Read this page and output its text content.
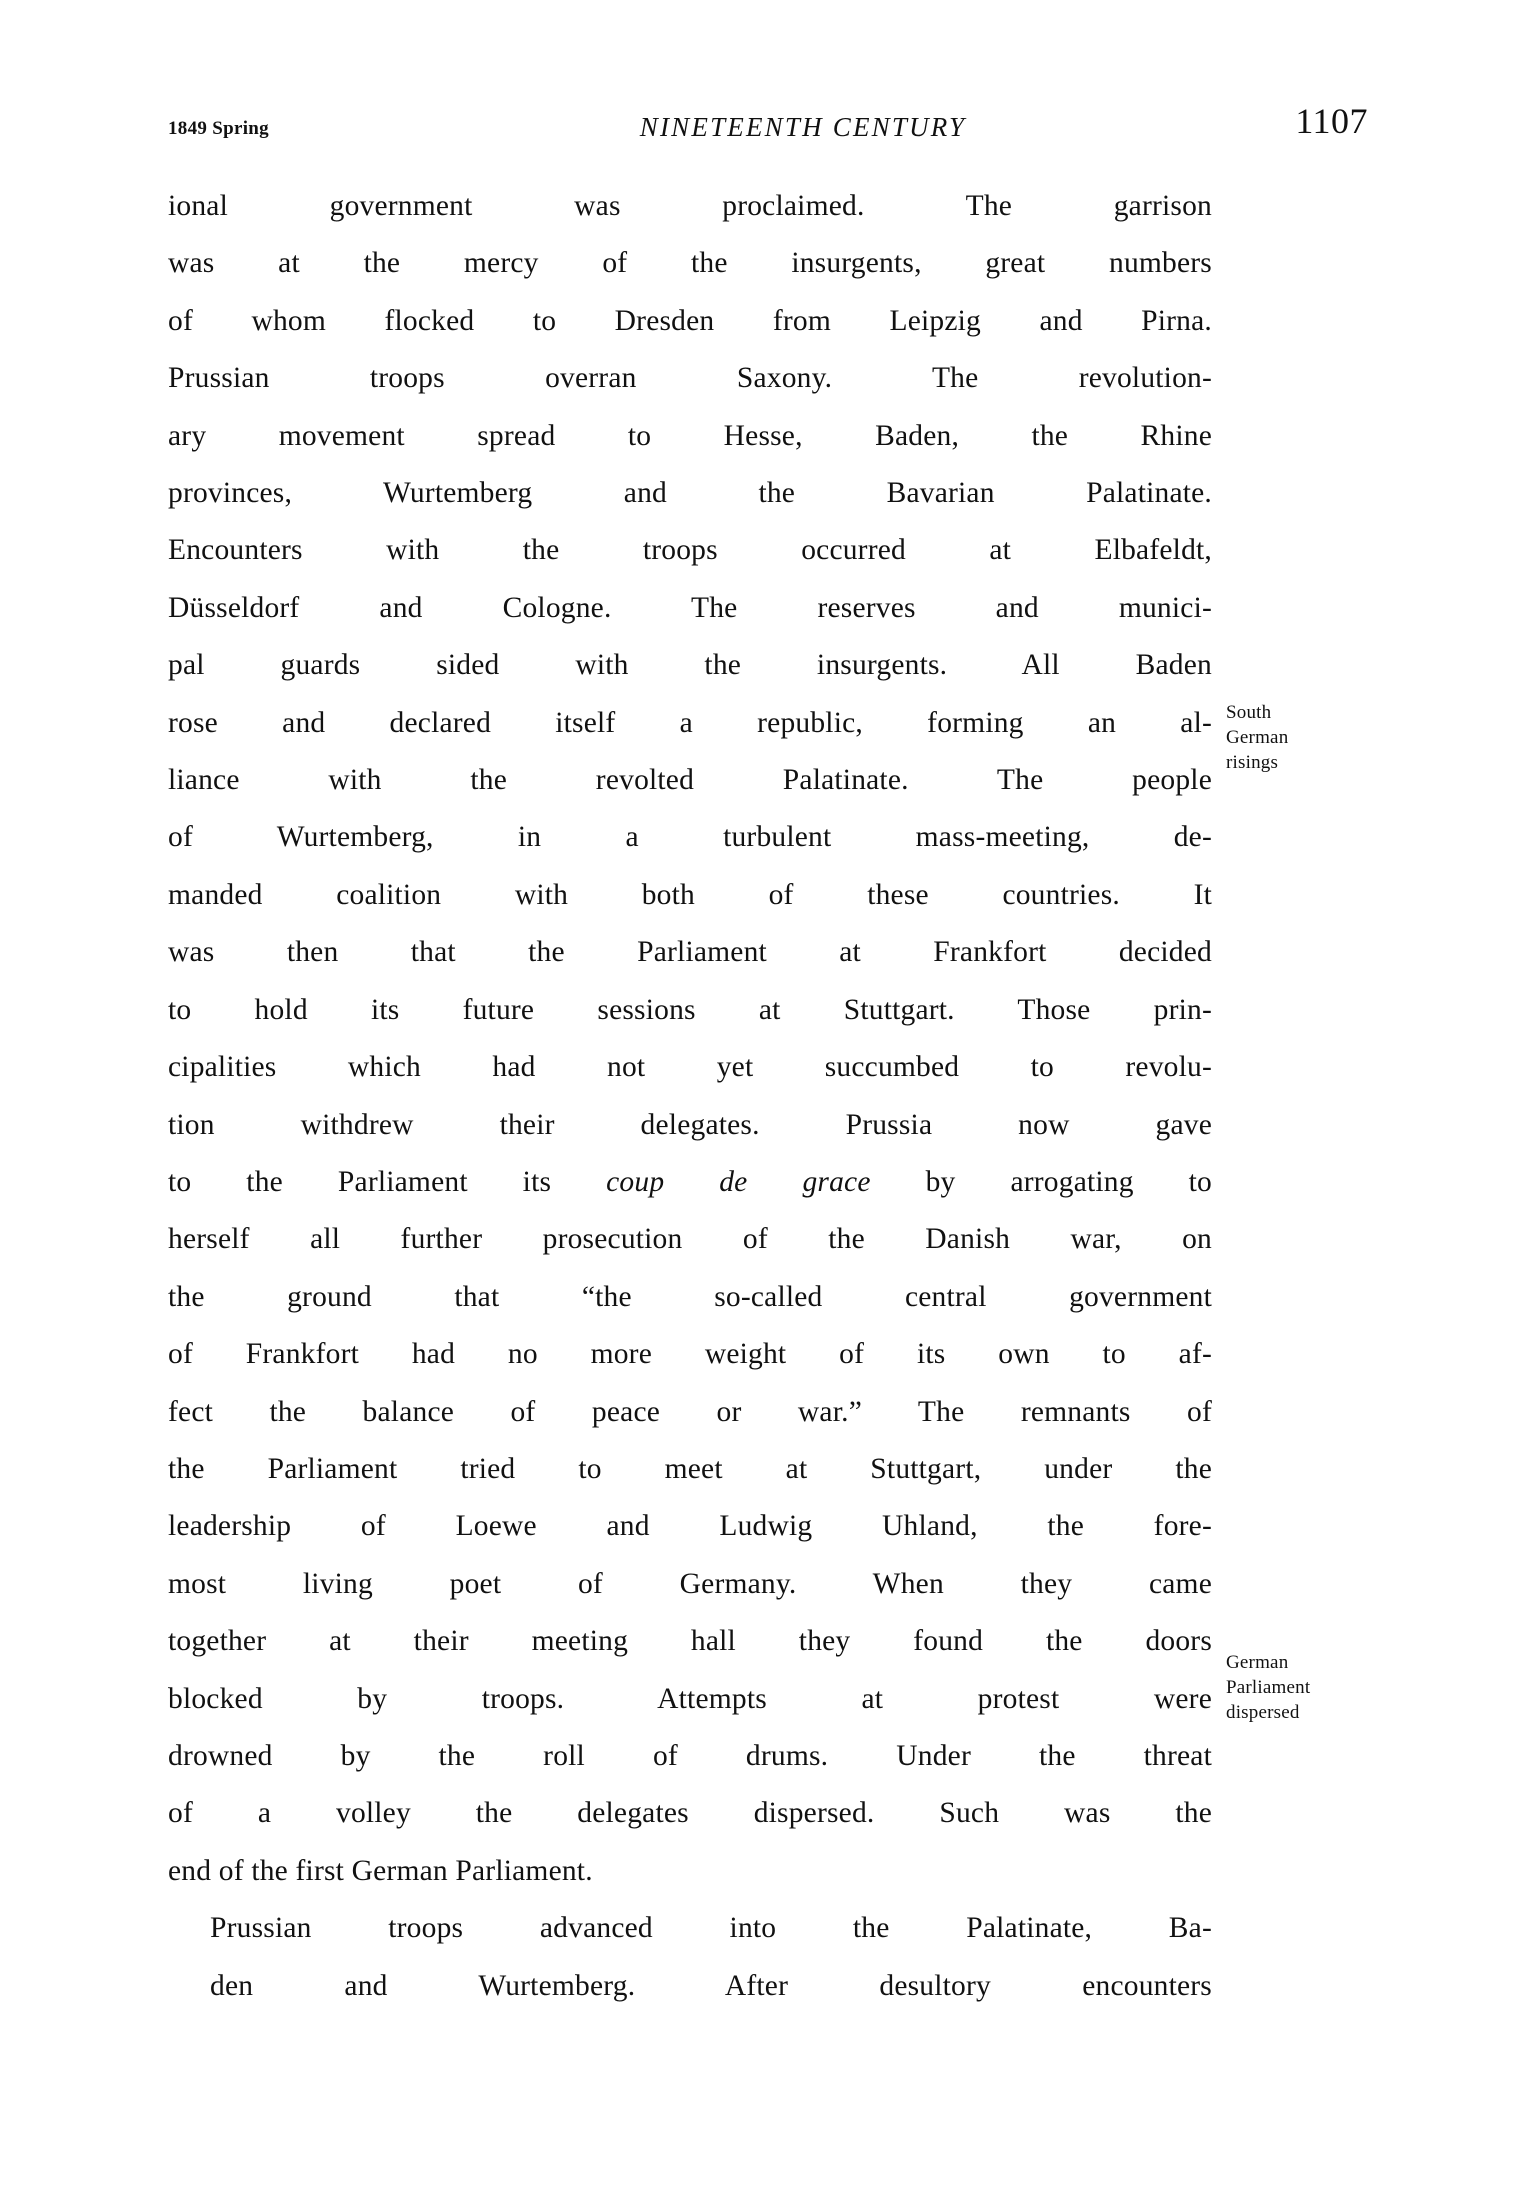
1849 Spring	NINETEENTH CENTURY	1107

ional government was proclaimed. The garrison
was at the mercy of the insurgents, great numbers
of whom flocked to Dresden from Leipzig and Pirna.
Prussian troops overran Saxony. The revolution-
ary movement spread to Hesse, Baden, the Rhine
provinces, Wurtemberg and the Bavarian Palatinate.
Encounters with the troops occurred at Elbafeldt,
Düsseldorf and Cologne. The reserves and munici-
pal guards sided with the insurgents. All Baden
rose and declared itself a republic, forming an al-
liance with the revolted Palatinate. The people
of Wurtemberg, in a turbulent mass-meeting, de-
manded coalition with both of these countries. It
was then that the Parliament at Frankfort decided
to hold its future sessions at Stuttgart. Those prin-
cipalities which had not yet succumbed to revolu-
tion withdrew their delegates. Prussia now gave
to the Parliament its coup de grace by arrogating to
herself all further prosecution of the Danish war, on
the ground that “the so-called central government
of Frankfort had no more weight of its own to af-
fect the balance of peace or war.” The remnants of
the Parliament tried to meet at Stuttgart, under the
leadership of Loewe and Ludwig Uhland, the fore-
most living poet of Germany. When they came
together at their meeting hall they found the doors
blocked by troops. Attempts at protest were
drowned by the roll of drums. Under the threat
of a volley the delegates dispersed. Such was the
end of the first German Parliament.

Prussian troops advanced into the Palatinate, Ba-
den and Wurtemberg. After desultory encounters

South
German
risings
German
Parliament
dispersed
